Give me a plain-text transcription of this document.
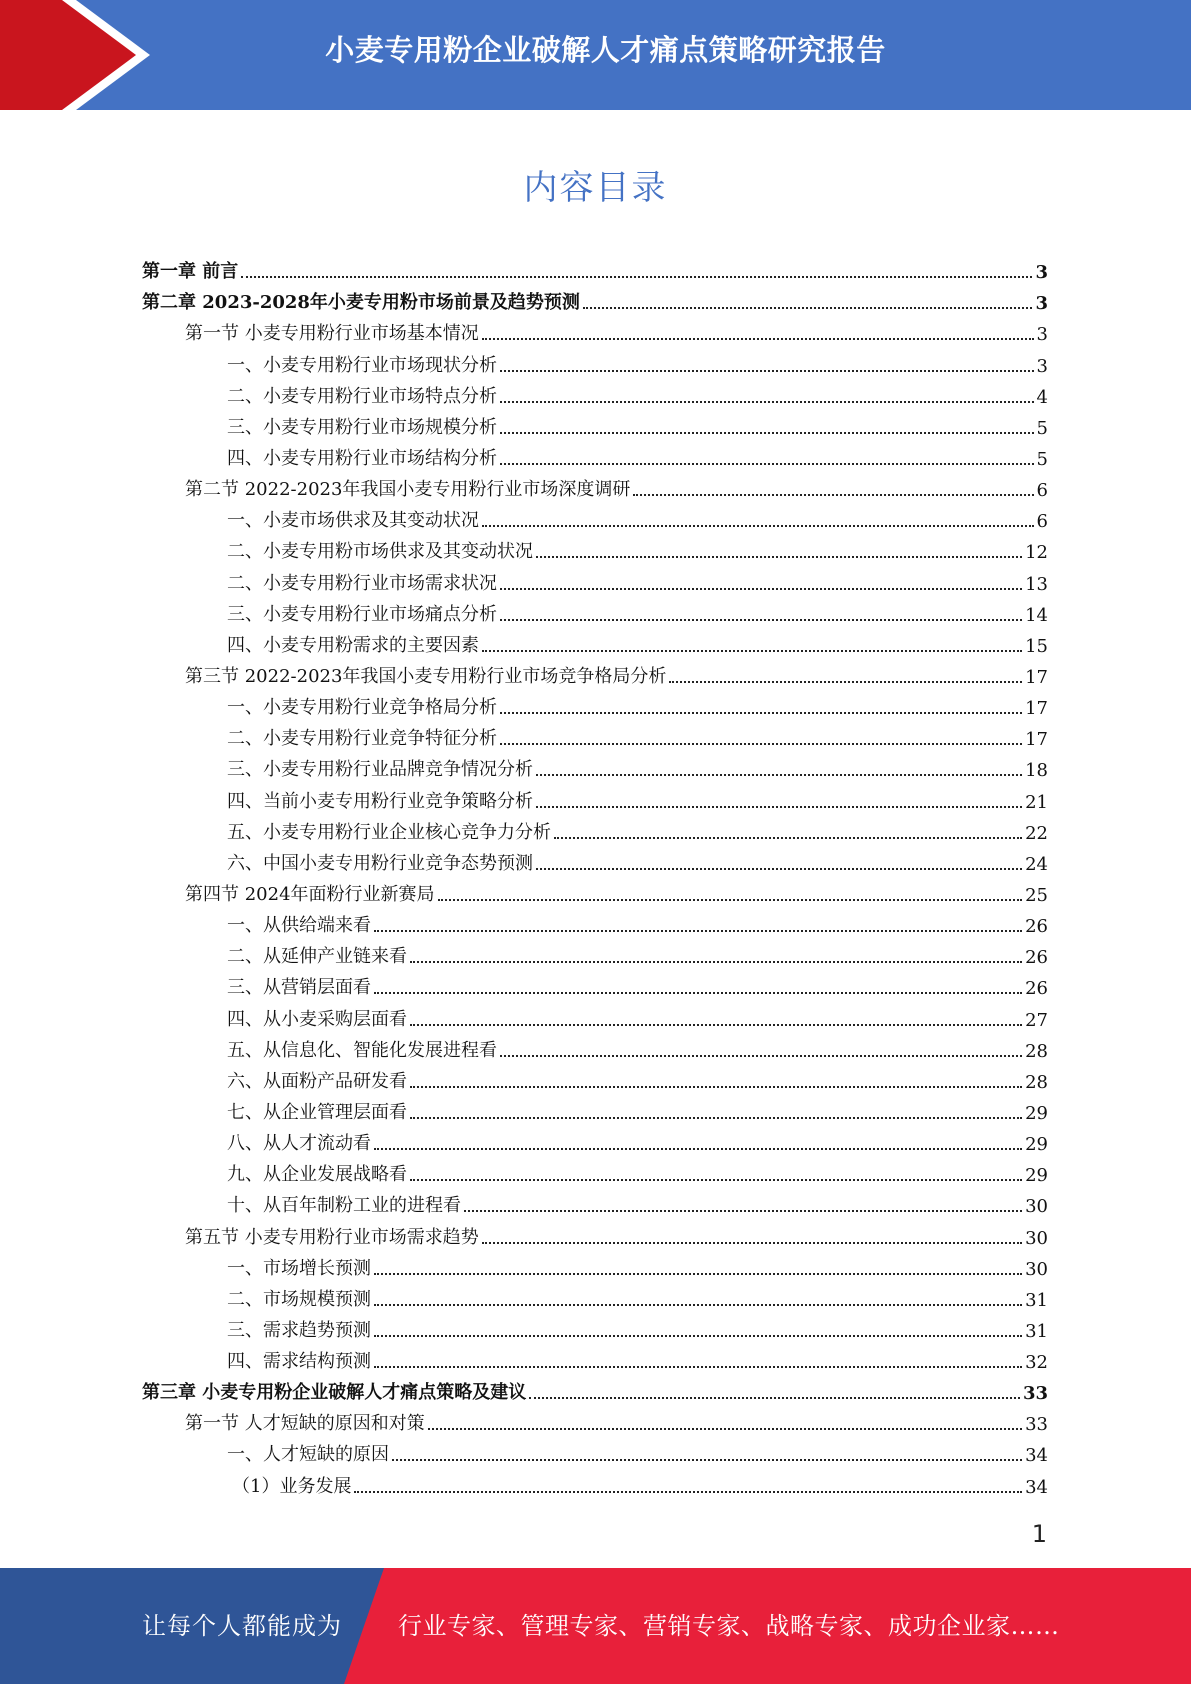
小麦专用粉企业破解人才痛点策略研究报告
内容目录
第一章 前言	3
第二章 2023-2028年小麦专用粉市场前景及趋势预测	3
第一节 小麦专用粉行业市场基本情况	3
一、小麦专用粉行业市场现状分析	3
二、小麦专用粉行业市场特点分析	4
三、小麦专用粉行业市场规模分析	5
四、小麦专用粉行业市场结构分析	5
第二节 2022-2023年我国小麦专用粉行业市场深度调研	6
一、小麦市场供求及其变动状况	6
二、小麦专用粉市场供求及其变动状况	12
二、小麦专用粉行业市场需求状况	13
三、小麦专用粉行业市场痛点分析	14
四、小麦专用粉需求的主要因素	15
第三节 2022-2023年我国小麦专用粉行业市场竞争格局分析	17
一、小麦专用粉行业竞争格局分析	17
二、小麦专用粉行业竞争特征分析	17
三、小麦专用粉行业品牌竞争情况分析	18
四、当前小麦专用粉行业竞争策略分析	21
五、小麦专用粉行业企业核心竞争力分析	22
六、中国小麦专用粉行业竞争态势预测	24
第四节 2024年面粉行业新赛局	25
一、从供给端来看	26
二、从延伸产业链来看	26
三、从营销层面看	26
四、从小麦采购层面看	27
五、从信息化、智能化发展进程看	28
六、从面粉产品研发看	28
七、从企业管理层面看	29
八、从人才流动看	29
九、从企业发展战略看	29
十、从百年制粉工业的进程看	30
第五节 小麦专用粉行业市场需求趋势	30
一、市场增长预测	30
二、市场规模预测	31
三、需求趋势预测	31
四、需求结构预测	32
第三章 小麦专用粉企业破解人才痛点策略及建议	33
第一节 人才短缺的原因和对策	33
一、人才短缺的原因	34
（1）业务发展	34
1
让每个人都能成为 行业专家、管理专家、营销专家、战略专家、成功企业家……
